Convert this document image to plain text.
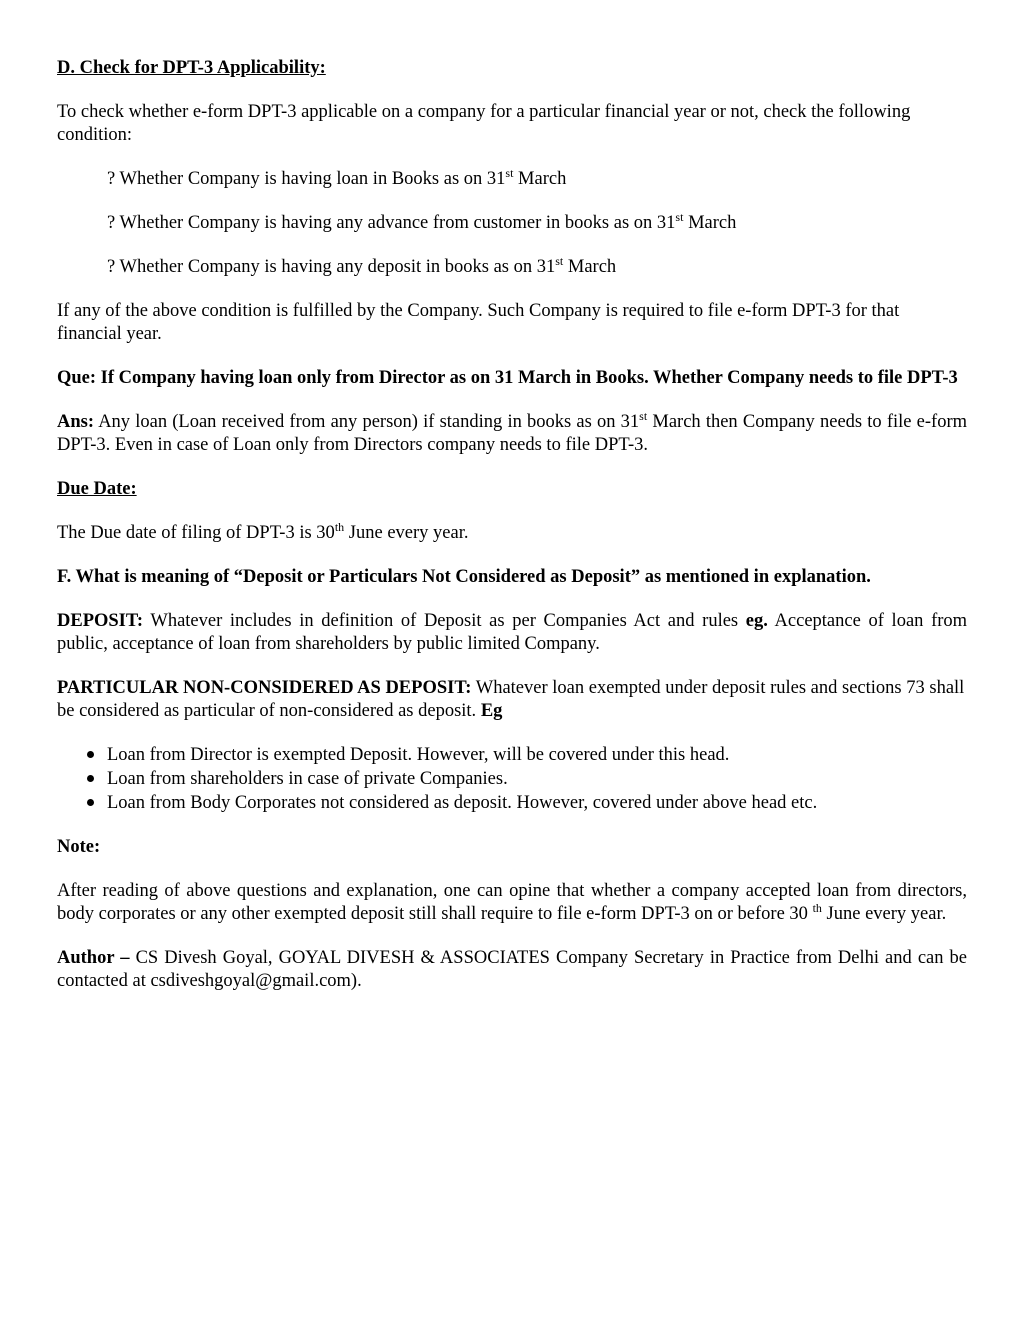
D. Check for DPT-3 Applicability:

To check whether e-form DPT-3 applicable on a company for a particular financial year or not, check the following condition:

? Whether Company is having loan in Books as on 31st March

? Whether Company is having any advance from customer in books as on 31st March

? Whether Company is having any deposit in books as on 31st March

If any of the above condition is fulfilled by the Company. Such Company is required to file e-form DPT-3 for that financial year.

Que: If Company having loan only from Director as on 31 March in Books. Whether Company needs to file DPT-3

Ans: Any loan (Loan received from any person) if standing in books as on 31st March then Company needs to file e-form DPT-3. Even in case of Loan only from Directors company needs to file DPT-3.

Due Date:

The Due date of filing of DPT-3 is 30th June every year.

F. What is meaning of “Deposit or Particulars Not Considered as Deposit” as mentioned in explanation.

DEPOSIT: Whatever includes in definition of Deposit as per Companies Act and rules eg. Acceptance of loan from public, acceptance of loan from shareholders by public limited Company.

PARTICULAR NON-CONSIDERED AS DEPOSIT: Whatever loan exempted under deposit rules and sections 73 shall be considered as particular of non-considered as deposit. Eg

Loan from Director is exempted Deposit. However, will be covered under this head.
Loan from shareholders in case of private Companies.
Loan from Body Corporates not considered as deposit. However, covered under above head etc.

Note:

After reading of above questions and explanation, one can opine that whether a company accepted loan from directors, body corporates or any other exempted deposit still shall require to file e-form DPT-3 on or before 30 $^{th}$ June every year.

Author – CS Divesh Goyal, GOYAL DIVESH & ASSOCIATES Company Secretary in Practice from Delhi and can be contacted at csdiveshgoyal@gmail.com).
